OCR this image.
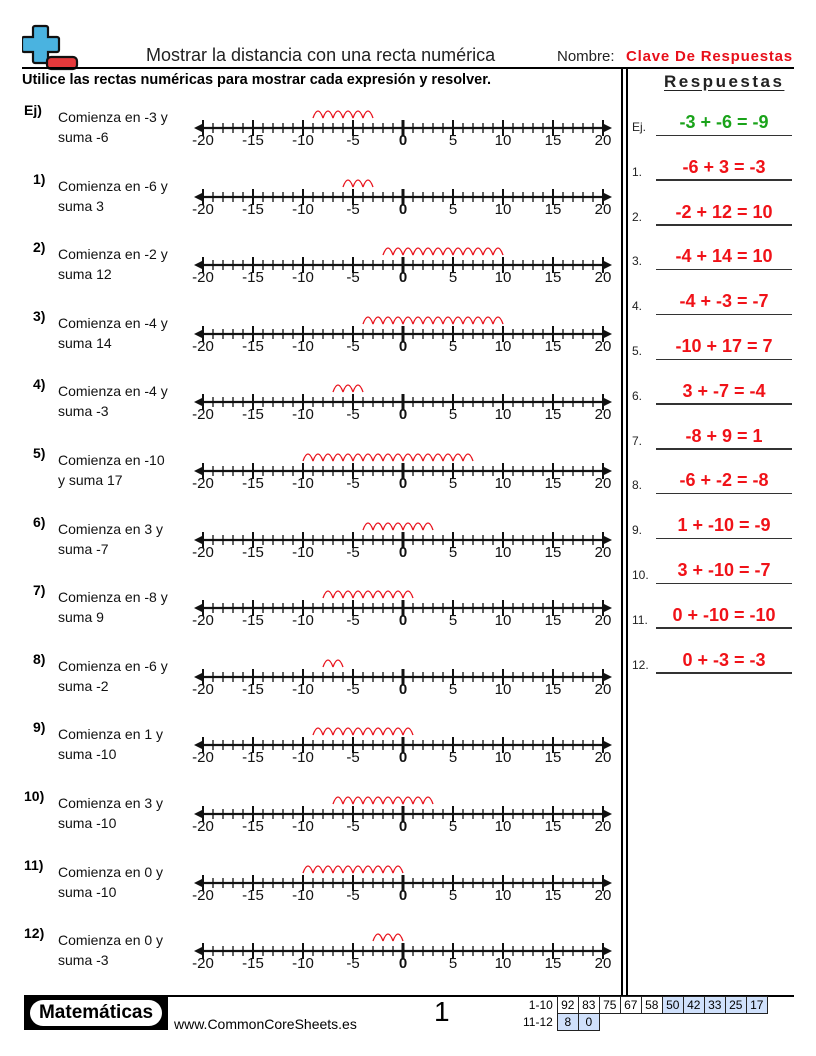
Mostrar la distancia con una recta numérica	Nombre: Clave De Respuestas
Utilice las rectas numéricas para mostrar cada expresión y resolver.	Respuestas
Ej) Comienza en -3 y
suma -6	-20 -15 -10 -5	0	5 10 15 20
1) Comienza en -6 y
suma 3	-20 -15 -10 -5	0	5 10 15 20
2) Comienza en -2 y
suma 12	-20 -15 -10 -5	0	5 10 15 20
3) Comienza en -4 y
suma 14	-20 -15 -10 -5	0	5 10 15 20
4) Comienza en -4 y
suma -3	-20 -15 -10 -5	0	5 10 15 20
5) Comienza en -10
y suma 17	-20 -15 -10 -5	0	5 10 15 20
6) Comienza en 3 y
suma -7	-20 -15 -10 -5	0	5 10 15 20
7) Comienza en -8 y
suma 9	-20 -15 -10 -5	0	5 10 15 20
8) Comienza en -6 y
suma -2	-20 -15 -10 -5	0	5 10 15 20
9) Comienza en 1 y
suma -10	-20 -15 -10 -5	0	5 10 15 20
10) Comienza en 3 y
suma -10	-20 -15 -10 -5	0	5 10 15 20
11) Comienza en 0 y
suma -10	-20 -15 -10 -5	0	5 10 15 20
12) Comienza en 0 y
suma -3	-20 -15 -10 -5	0	5 10 15 20
Ej.	-3 + -6 = -9
1.	-6 + 3 = -3
2.	-2 + 12 = 10
3.	-4 + 14 = 10
4.	-4 + -3 = -7
5.	-10 + 17 = 7
6.	3 + -7 = -4
7.	-8 + 9 = 1
8.	-6 + -2 = -8
9.	1 + -10 = -9
10.	3 + -10 = -7
11.	0 + -10 = -10
12.	0 + -3 = -3
Matemáticas
www.CommonCoreSheets.es	1	1-10	92	83	75	67	58	50	42	33	25	17
11-12	8	0								
